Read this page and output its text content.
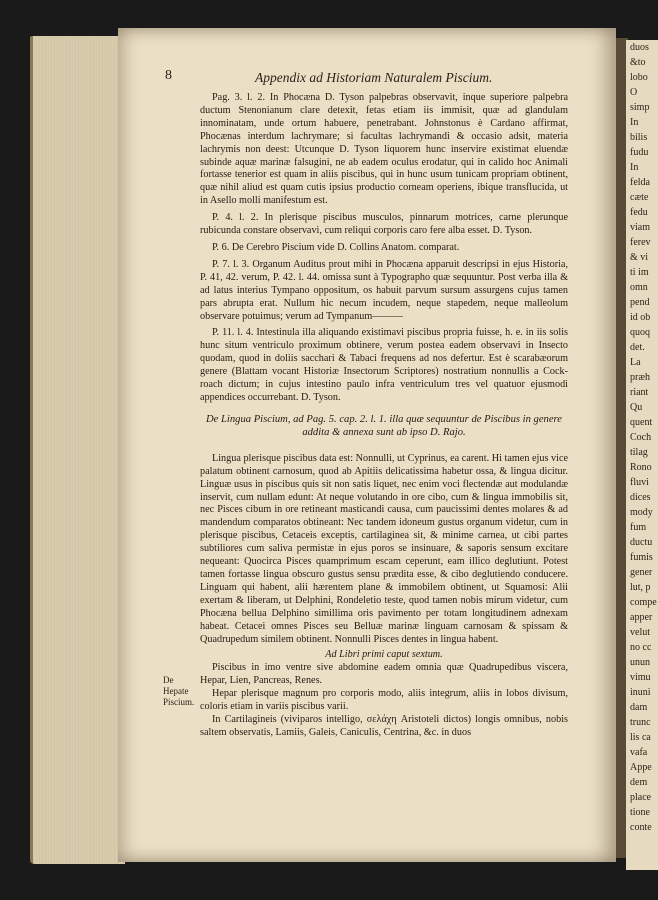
duos
&to
lobo
O
simp
In
bilis
fudu
In
felda
cæte
fedu
viam
ferev
& vi
ti im
omn
pend
id ob
quoq
det.
La
præh
riant
Qu
quent
Coch
tilag
Rono
fluvi
dices
mody
fum
ductu
fumis
gener
lut, p
compe
apper
velut
no cc
unun
vimu
inuni
dam
trunc
lis ca
vafa
Appe
dem
place
tione
conte
8	Appendix ad Historiam Naturalem Piscium.
De Hepate Piscium.

Pag. 3. l. 2. In Phocæna D. Tyson palpebras observavit, inque superiore palpebra ductum Stenonianum clare detexit, fetas etiam iis immisit, quæ ad glandulam innominatam, unde ortum habuere, penetrabant. Johnstonus è Cardano affirmat, Phocænas interdum lachrymare; si facultas lachrymandi & occasio adsit, materia lachrymis non deest: Utcunque D. Tyson liquorem hunc inservire existimat eluendæ subinde aquæ marinæ falsugini, ne ab eadem oculus erodatur, qui in calido hoc Animali fortasse tenerior est quam in aliis piscibus, qui in hunc usum tunicam propriam obtinent, quæ nihil aliud est quam cutis ipsius productio corneam operiens, ibique transflucida, ut in Asello molli manifestum est.

P. 4. l. 2. In plerisque piscibus musculos, pinnarum motrices, carne plerunque rubicunda constare observavi, cum reliqui corporis caro fere alba esset. D. Tyson.

P. 6. De Cerebro Piscium vide D. Collins Anatom. comparat.

P. 7. l. 3. Organum Auditus prout mihi in Phocæna apparuit descripsi in ejus Historia, P. 41, 42. verum, P. 42. l. 44. omissa sunt à Typographo quæ sequuntur. Post verba illa & ad latus interius Tympano oppositum, os habuit parvum sursum assurgens cujus tamen pars abrupta erat. Nullum hic necum incudem, neque stapedem, neque malleolum observare potuimus; verum ad Tympanum———

P. 11. l. 4. Intestinula illa aliquando existimavi piscibus propria fuisse, h. e. in iis solis hunc situm ventriculo proximum obtinere, verum postea eadem observavi in Insecto quodam, quod in doliis sacchari & Tabaci frequens ad nos defertur. Est è scarabæorum genere (Blattam vocant Historiæ Insectorum Scriptores) nostratium nonnullis a Cock-roach dictum; in cujus intestino paulo infra ventriculum tres vel quatuor ejusmodi appendices occurrebant. D. Tyson.

De Lingua Piscium, ad Pag. 5. cap. 2. l. 1. illa quæ sequuntur de Piscibus in genere addita & annexa sunt ab ipso D. Rajo.

Lingua plerisque piscibus data est: Nonnulli, ut Cyprinus, ea carent. Hi tamen ejus vice palatum obtinent carnosum, quod ab Apitiis delicatissima habetur ossa, & lingua dicitur. Linguæ usus in piscibus quis sit non satis liquet, nec enim voci flectendæ aut modulandæ inservit, cum nullam edunt: At neque volutando in ore cibo, cum & lingua immobilis sit, nec Pisces cibum in ore retineant masticandi causa, cum paucissimi dentes molares & ad mandendum comparatos obtineant: Nec tandem idoneum gustus organum videtur, cum in plerisque piscibus, Cetaceis exceptis, cartilaginea sit, & minime carnea, ut cibi partes subtiliores cum saliva permistæ in ejus poros se insinuare, & saporis sensum excitare nequeant: Quocirca Pisces quamprimum escam ceperunt, eam illico deglutiunt. Potest tamen fortasse lingua obscuro gustus sensu prædita esse, & cibo deglutiendo conducere. Linguam qui habent, alii hærentem plane & immobilem obtinent, ut Squamosi: Alii exertam & liberam, ut Delphini, Rondeletio teste, quod tamen nobis mirum videtur, cum Phocæna bellua Delphino simillima oris pavimento per totam longitudinem adnexam habeat. Cetacei omnes Pisces seu Belluæ marinæ linguam carnosam & spissam & Quadrupedum similem obtinent. Nonnulli Pisces dentes in lingua habent.

Ad Libri primi caput sextum.

Piscibus in imo ventre sive abdomine eadem omnia quæ Quadrupedibus viscera, Hepar, Lien, Pancreas, Renes.

Hepar plerisque magnum pro corporis modo, aliis integrum, aliis in lobos divisum, coloris etiam in variis piscibus varii.

In Cartilagineis (viviparos intelligo, σελάχη Aristoteli dictos) longis omnibus, nobis saltem observatis, Lamiis, Galeis, Caniculis, Centrina, &c. in duos
